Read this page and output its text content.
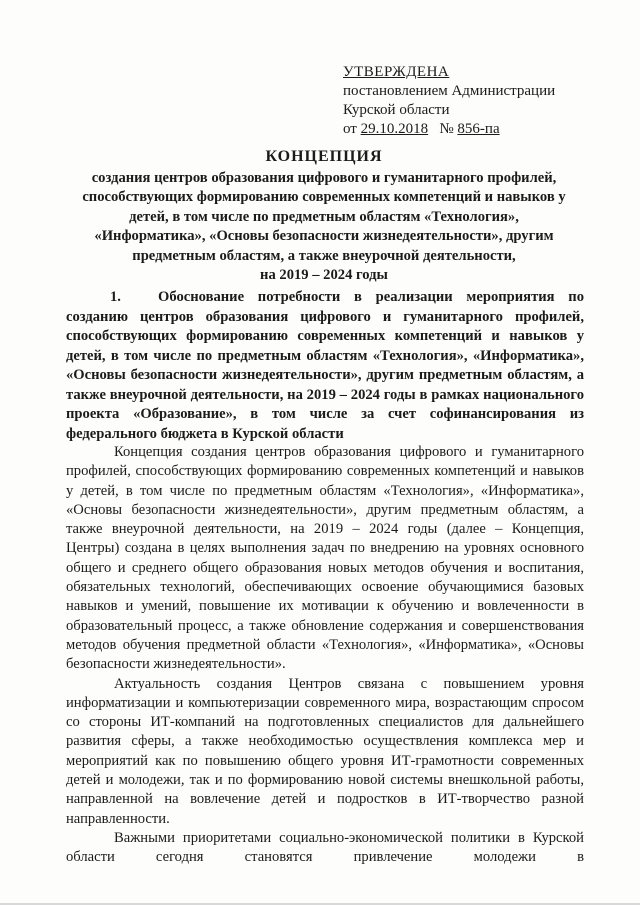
УТВЕРЖДЕНА
постановлением Администрации
Курской области
от 29.10.2018 № 856-па
КОНЦЕПЦИЯ
создания центров образования цифрового и гуманитарного профилей, способствующих формированию современных компетенций и навыков у детей, в том числе по предметным областям «Технология», «Информатика», «Основы безопасности жизнедеятельности», другим предметным областям, а также внеурочной деятельности,
на 2019 – 2024 годы
1.	Обоснование потребности в реализации мероприятия по созданию центров образования цифрового и гуманитарного профилей, способствующих формированию современных компетенций и навыков у детей, в том числе по предметным областям «Технология», «Информатика», «Основы безопасности жизнедеятельности», другим предметным областям, а также внеурочной деятельности, на 2019 – 2024 годы в рамках национального проекта «Образование», в том числе за счет софинансирования из федерального бюджета в Курской области

Концепция создания центров образования цифрового и гуманитарного профилей, способствующих формированию современных компетенций и навыков у детей, в том числе по предметным областям «Технология», «Информатика», «Основы безопасности жизнедеятельности», другим предметным областям, а также внеурочной деятельности, на 2019 – 2024 годы (далее – Концепция, Центры) создана в целях выполнения задач по внедрению на уровнях основного общего и среднего общего образования новых методов обучения и воспитания, обязательных технологий, обеспечивающих освоение обучающимися базовых навыков и умений, повышение их мотивации к обучению и вовлеченности в образовательный процесс, а также обновление содержания и совершенствования методов обучения предметной области «Технология», «Информатика», «Основы безопасности жизнедеятельности».

Актуальность создания Центров связана с повышением уровня информатизации и компьютеризации современного мира, возрастающим спросом со стороны ИТ-компаний на подготовленных специалистов для дальнейшего развития сферы, а также необходимостью осуществления комплекса мер и мероприятий как по повышению общего уровня ИТ-грамотности современных детей и молодежи, так и по формированию новой системы внешкольной работы, направленной на вовлечение детей и подростков в ИТ-творчество разной направленности.

Важными приоритетами социально-экономической политики в Курской области сегодня становятся привлечение молодежи в
